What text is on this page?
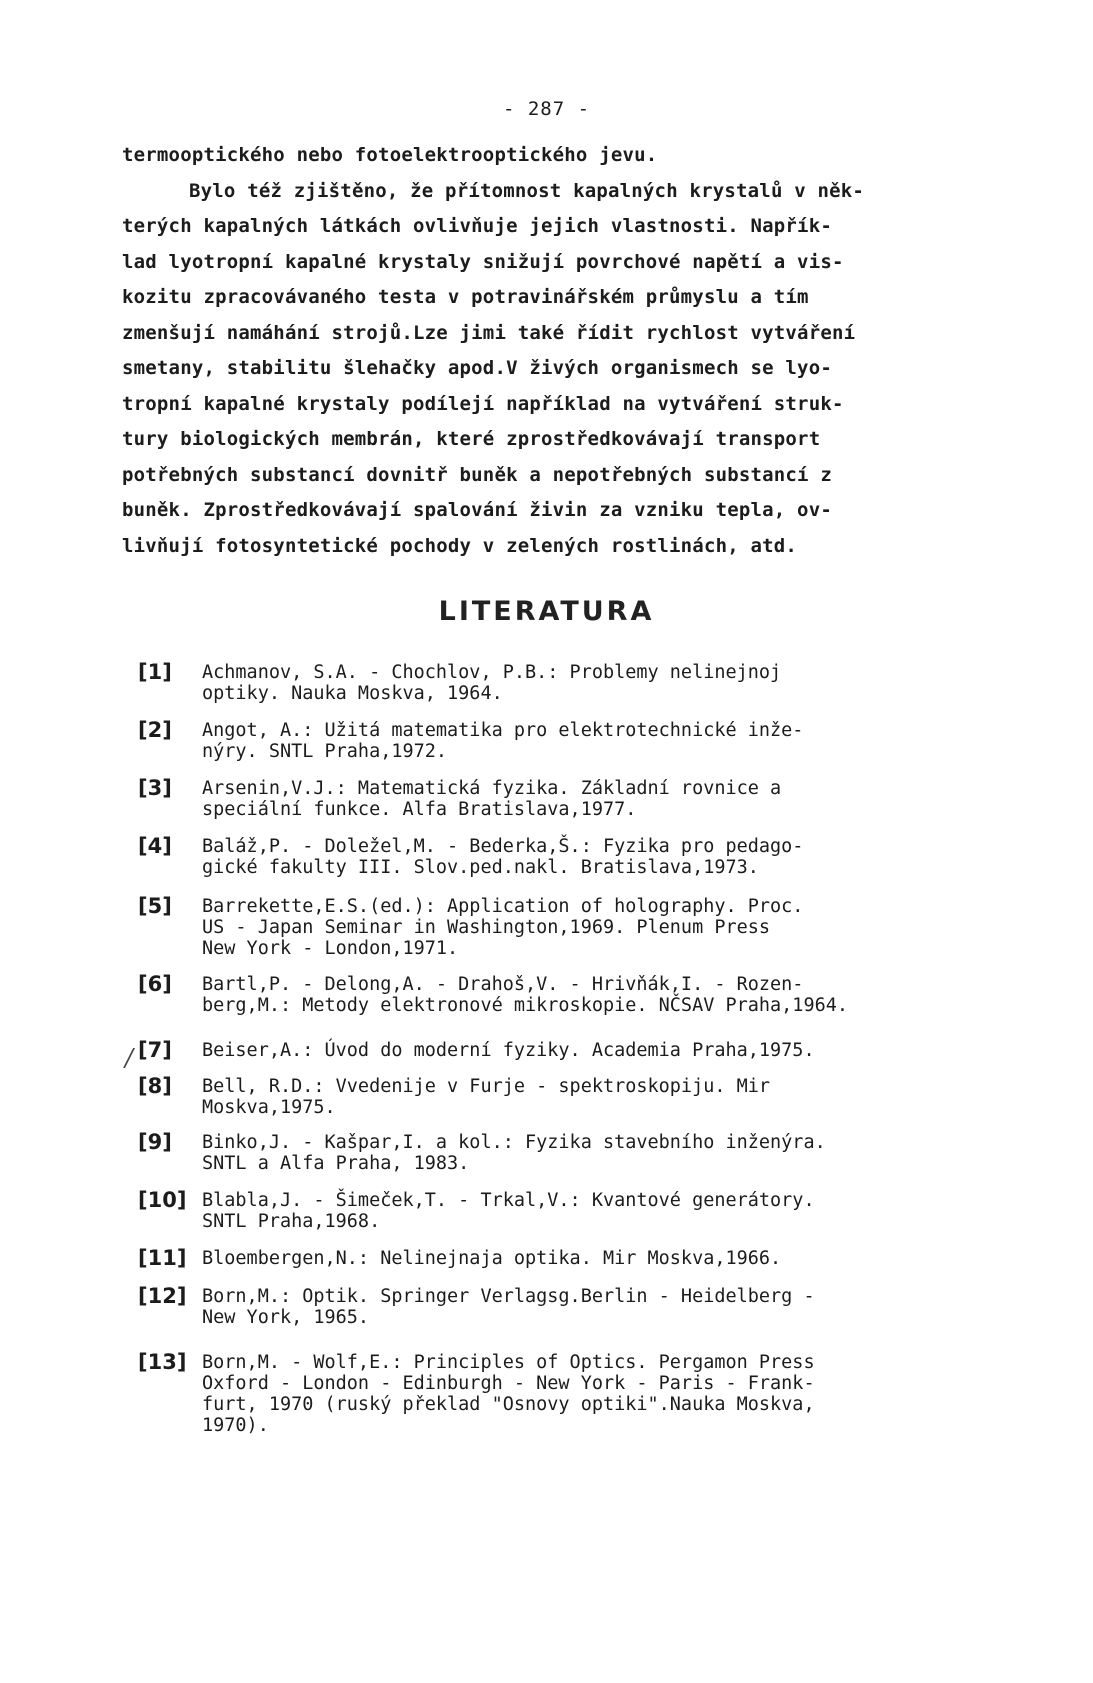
- 287 -
termooptického nebo fotoelektrooptického jevu.
Bylo též zjištěno, že přítomnost kapalných krystalů v něk-
terých kapalných látkách ovlivňuje jejich vlastnosti. Napřík-
lad lyotropní kapalné krystaly snižují povrchové napětí a vis-
kozitu zpracovávaného testa v potravinářském průmyslu a tím
zmenšují namáhání strojů.Lze jimi také řídit rychlost vytváření
smetany, stabilitu šlehačky apod.V živých organismech se lyo-
tropní kapalné krystaly podílejí například na vytváření struk-
tury biologických membrán, které zprostředkovávají transport
potřebných substancí dovnitř buněk a nepotřebných substancí z
buněk. Zprostředkovávají spalování živin za vzniku tepla, ov-
livňují fotosyntetické pochody v zelených rostlinách, atd.
LITERATURA
/
[1] Achmanov, S.A. - Chochlov, P.B.: Problemy nelinejnoj
optiky. Nauka Moskva, 1964.
[2] Angot, A.: Užitá matematika pro elektrotechnické inže-
nýry. SNTL Praha,1972.
[3] Arsenin,V.J.: Matematická fyzika. Základní rovnice a
speciální funkce. Alfa Bratislava,1977.
[4] Baláž,P. - Doležel,M. - Bederka,Š.: Fyzika pro pedago-
gické fakulty III. Slov.ped.nakl. Bratislava,1973.
[5] Barrekette,E.S.(ed.): Application of holography. Proc.
US - Japan Seminar in Washington,1969. Plenum Press
New York - London,1971.
[6] Bartl,P. - Delong,A. - Drahoš,V. - Hrivňák,I. - Rozen-
berg,M.: Metody elektronové mikroskopie. NČSAV Praha,1964.
[7] Beiser,A.: Úvod do moderní fyziky. Academia Praha,1975.
[8] Bell, R.D.: Vvedenije v Furje - spektroskopiju. Mir
Moskva,1975.
[9] Binko,J. - Kašpar,I. a kol.: Fyzika stavebního inženýra.
SNTL a Alfa Praha, 1983.
[10] Blabla,J. - Šimeček,T. - Trkal,V.: Kvantové generátory.
SNTL Praha,1968.
[11] Bloembergen,N.: Nelinejnaja optika. Mir Moskva,1966.
[12] Born,M.: Optik. Springer Verlagsg.Berlin - Heidelberg -
New York, 1965.
[13] Born,M. - Wolf,E.: Principles of Optics. Pergamon Press
Oxford - London - Edinburgh - New York - Paris - Frank-
furt, 1970 (ruský překlad "Osnovy optiki".Nauka Moskva,
1970).
